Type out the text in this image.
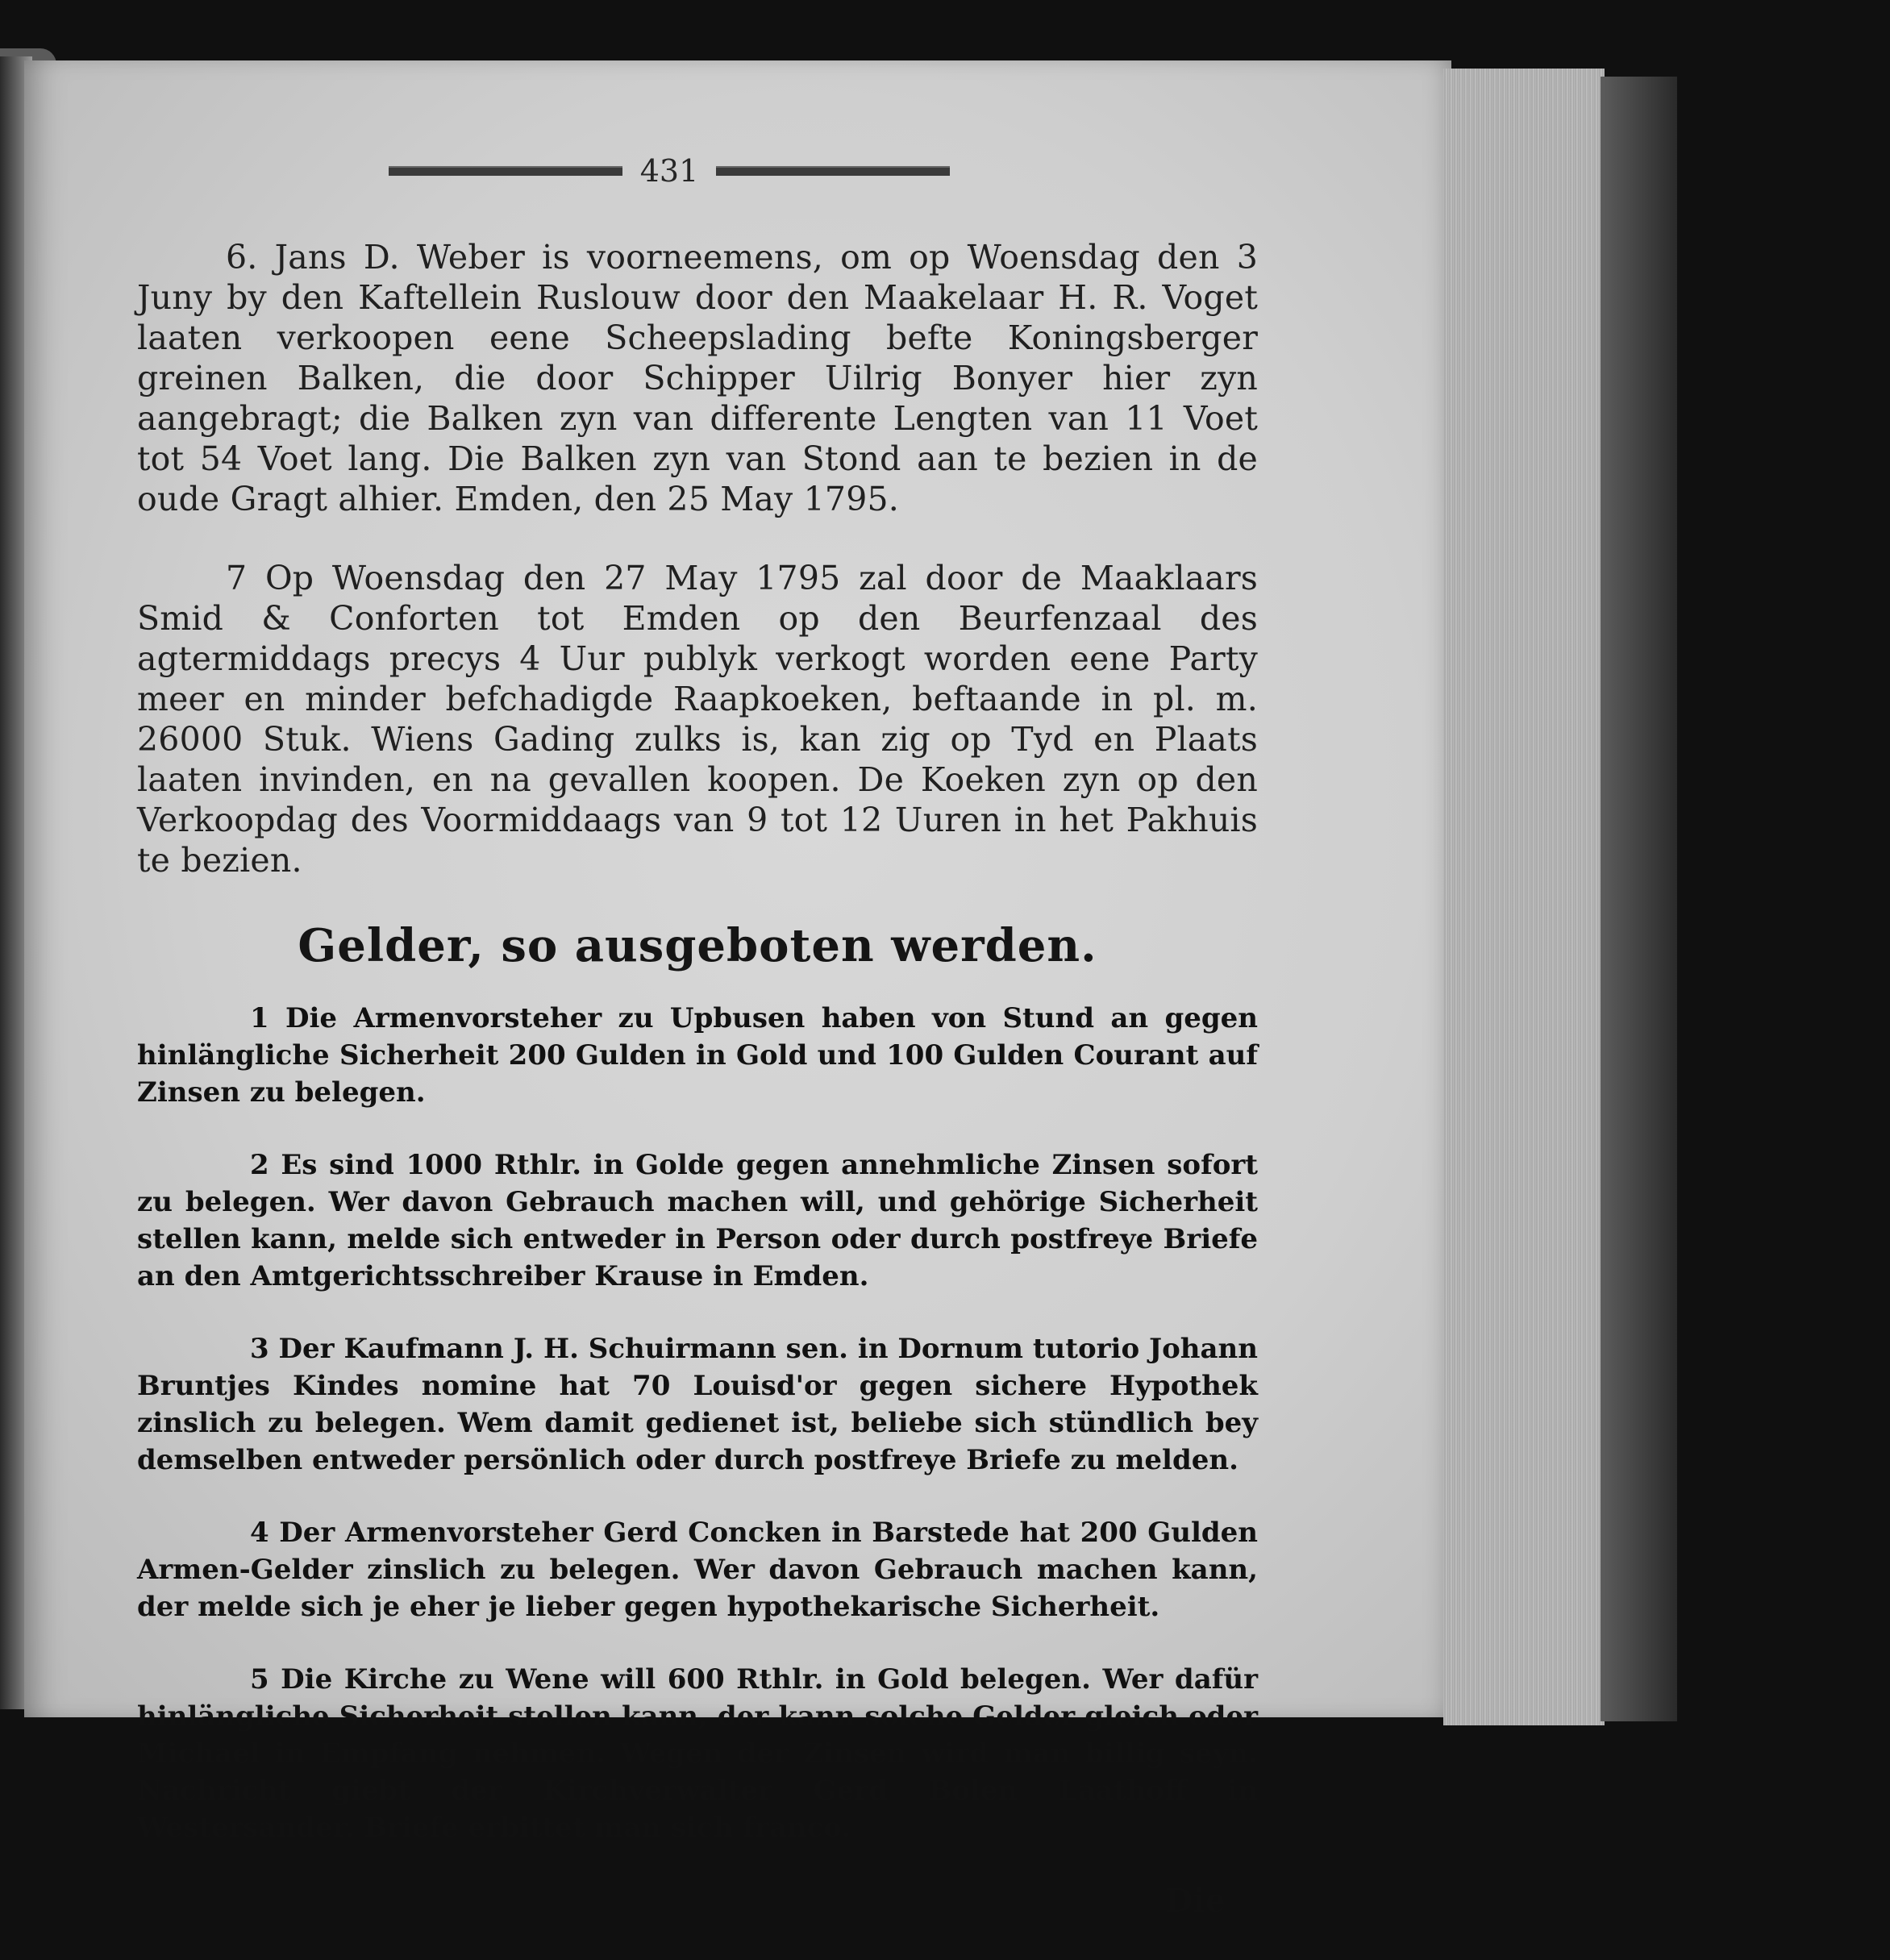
431

6. Jans D. Weber is voorneemens, om op Woensdag den 3 Juny by den Kaftellein Ruslouw door den Maakelaar H. R. Voget laaten verkoopen eene Scheepslading befte Koningsberger greinen Balken, die door Schipper Uilrig Bonyer hier zyn aangebragt; die Balken zyn van differente Lengten van 11 Voet tot 54 Voet lang. Die Balken zyn van Stond aan te bezien in de oude Gragt alhier. Emden, den 25 May 1795.

7 Op Woensdag den 27 May 1795 zal door de Maaklaars Smid & Conforten tot Emden op den Beurfenzaal des agtermiddags precys 4 Uur publyk verkogt worden eene Party meer en minder befchadigde Raapkoeken, beftaande in pl. m. 26000 Stuk. Wiens Gading zulks is, kan zig op Tyd en Plaats laaten invinden, en na gevallen koopen. De Koeken zyn op den Verkoopdag des Voormiddaags van 9 tot 12 Uuren in het Pakhuis te bezien.

Gelder, so ausgeboten werden.

1 Die Armenvorsteher zu Upbusen haben von Stund an gegen hinlängliche Sicherheit 200 Gulden in Gold und 100 Gulden Courant auf Zinsen zu belegen.

2 Es sind 1000 Rthlr. in Golde gegen annehmliche Zinsen sofort zu belegen. Wer davon Gebrauch machen will, und gehörige Sicherheit stellen kann, melde sich entweder in Person oder durch postfreye Briefe an den Amtgerichtsschreiber Krause in Emden.

3 Der Kaufmann J. H. Schuirmann sen. in Dornum tutorio Johann Bruntjes Kindes nomine hat 70 Louisd'or gegen sichere Hypothek zinslich zu belegen. Wem damit gedienet ist, beliebe sich stündlich bey demselben entweder persönlich oder durch postfreye Briefe zu melden.

4 Der Armenvorsteher Gerd Concken in Barstede hat 200 Gulden Armen-Gelder zinslich zu belegen. Wer davon Gebrauch machen kann, der melde sich je eher je lieber gegen hypothekarische Sicherheit.

5 Die Kirche zu Wene will 600 Rthlr. in Gold belegen. Wer dafür hinlängliche Sicherheit stellen kann, der kann solche Gelder gleich oder Michael in Empfang nehmen. Wegen der Zinsen wird man billig seyn. Nachricht giebt der Kirchverwalter Gerd Bolen Laathoff in Westersander. Briefe erbittet man sich franco.

Die
